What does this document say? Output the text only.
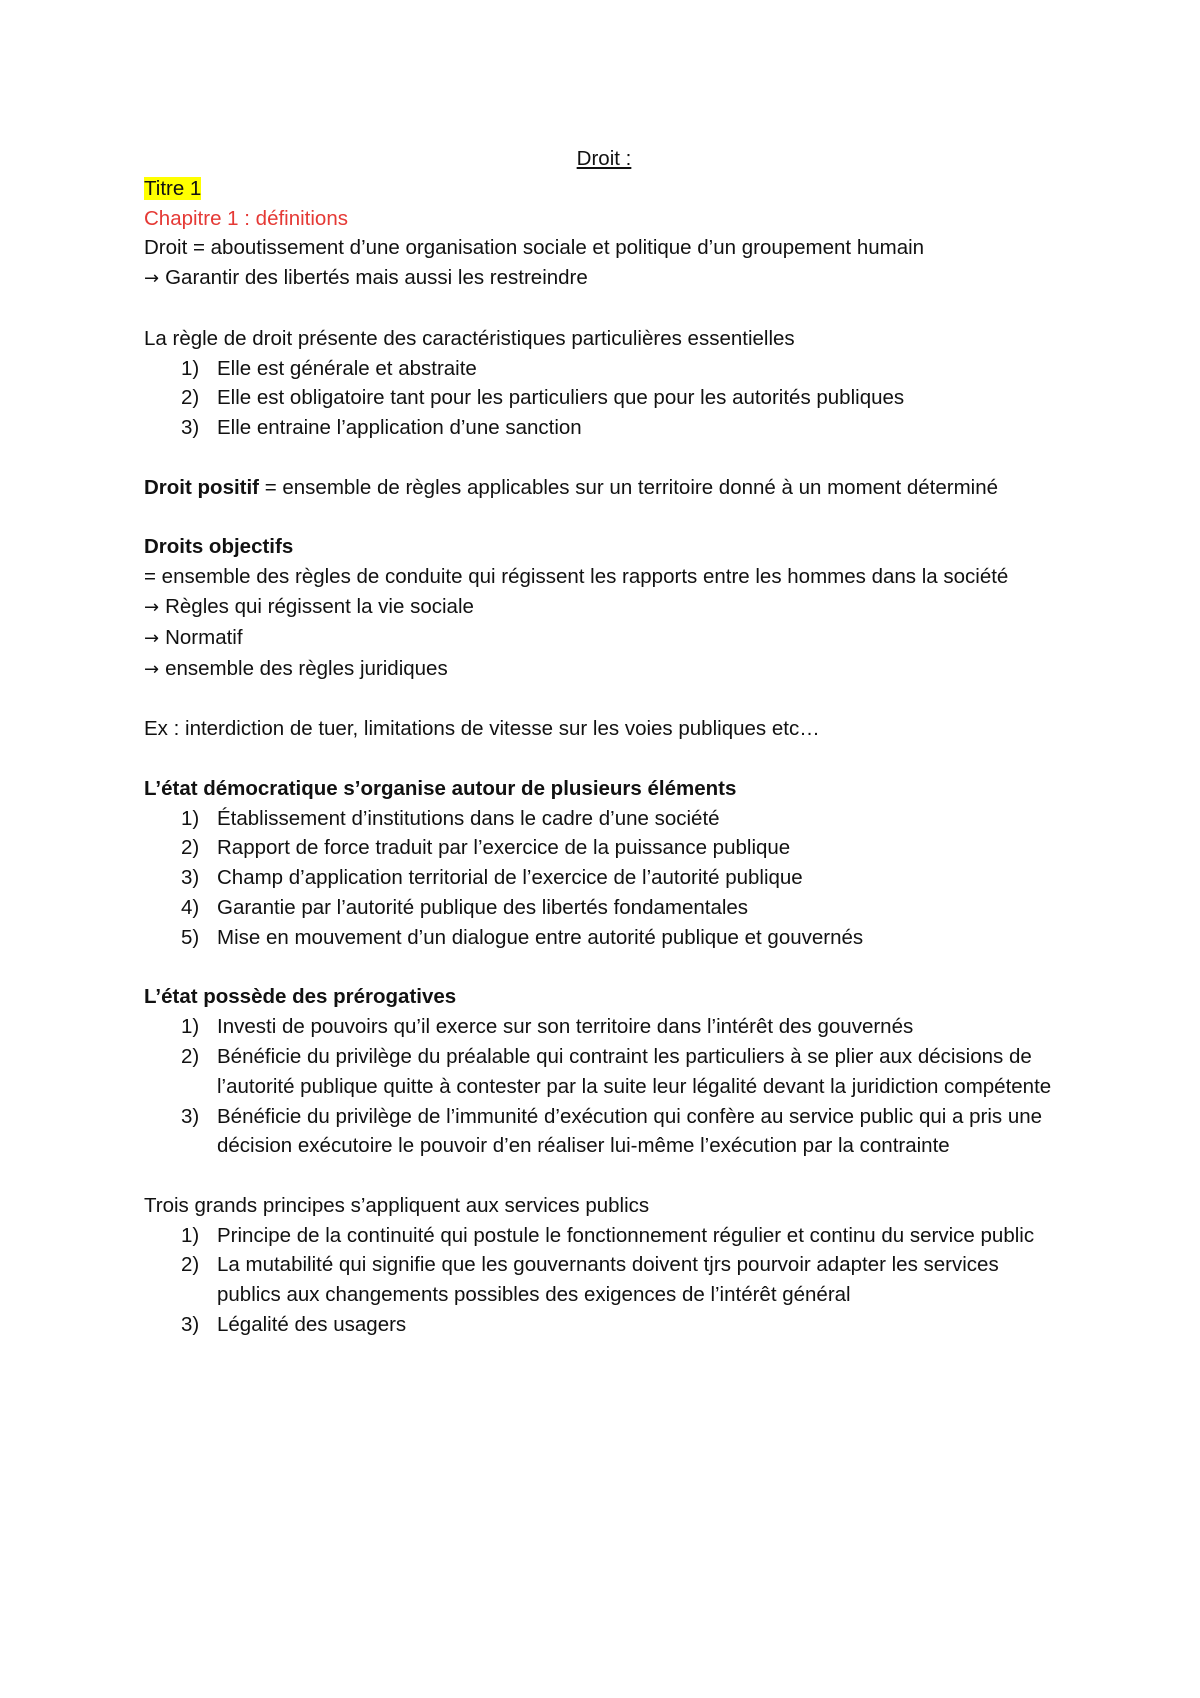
Droit :

Titre 1

Chapitre 1 : définitions

Droit = aboutissement d’une organisation sociale et politique d’un groupement humain

→ Garantir des libertés mais aussi les restreindre

La règle de droit présente des caractéristiques particulières essentielles

1) Elle est générale et abstraite
2) Elle est obligatoire tant pour les particuliers que pour les autorités publiques
3) Elle entraine l’application d’une sanction

Droit positif = ensemble de règles applicables sur un territoire donné à un moment déterminé

Droits objectifs

= ensemble des règles de conduite qui régissent les rapports entre les hommes dans la société

→ Règles qui régissent la vie sociale

→ Normatif

→ ensemble des règles juridiques

Ex : interdiction de tuer, limitations de vitesse sur les voies publiques etc…

L’état démocratique s’organise autour de plusieurs éléments

1) Établissement d’institutions dans le cadre d’une société
2) Rapport de force traduit par l’exercice de la puissance publique
3) Champ d’application territorial de l’exercice de l’autorité publique
4) Garantie par l’autorité publique des libertés fondamentales
5) Mise en mouvement d’un dialogue entre autorité publique et gouvernés

L’état possède des prérogatives

1) Investi de pouvoirs qu’il exerce sur son territoire dans l’intérêt des gouvernés
2) Bénéficie du privilège du préalable qui contraint les particuliers à se plier aux décisions de l’autorité publique quitte à contester par la suite leur légalité devant la juridiction compétente
3) Bénéficie du privilège de l’immunité d’exécution qui confère au service public qui a pris une décision exécutoire le pouvoir d’en réaliser lui-même l’exécution par la contrainte

Trois grands principes s’appliquent aux services publics

1) Principe de la continuité qui postule le fonctionnement régulier et continu du service public
2) La mutabilité qui signifie que les gouvernants doivent tjrs pourvoir adapter les services publics aux changements possibles des exigences de l’intérêt général
3) Légalité des usagers
